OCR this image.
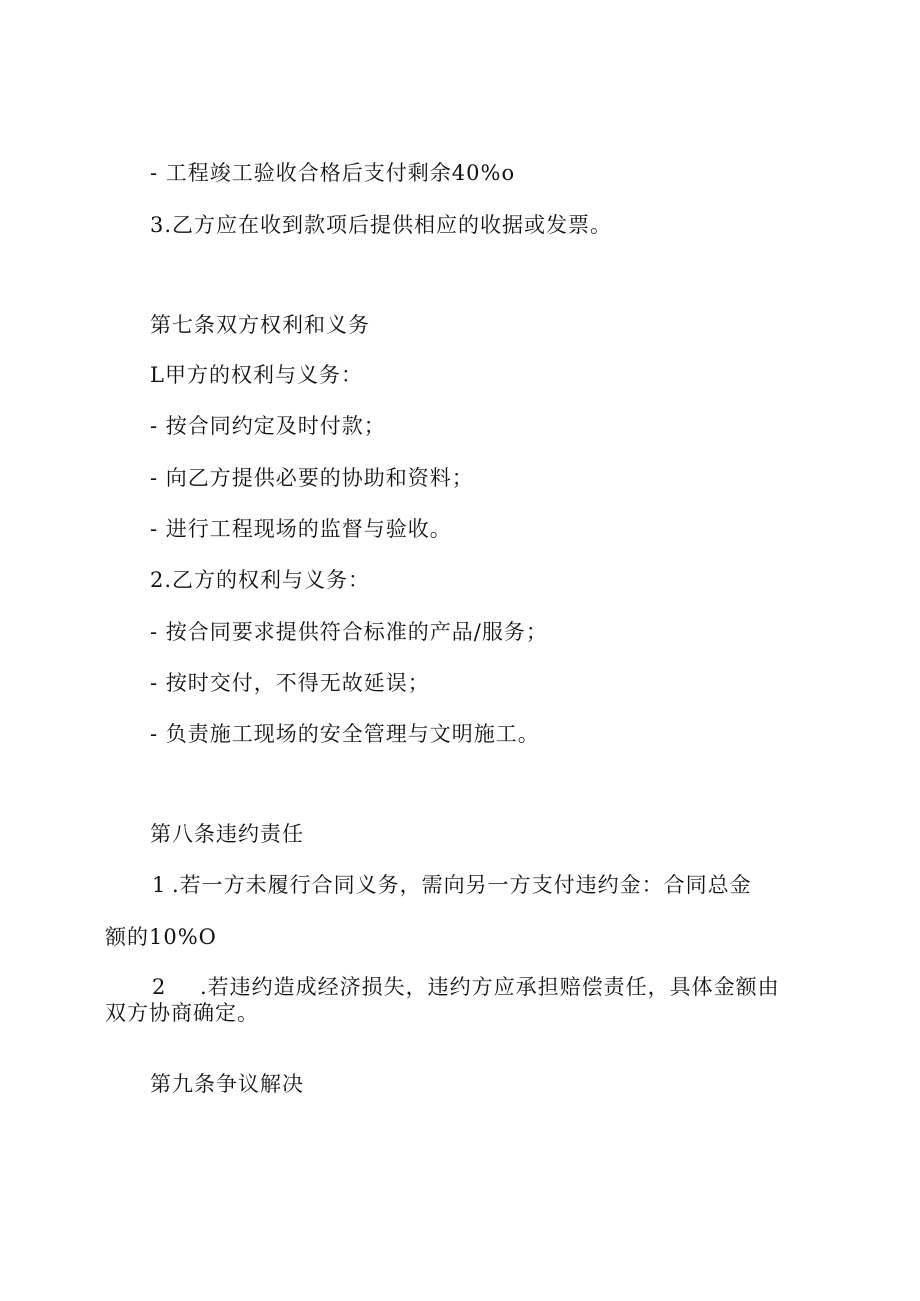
- 工程竣工验收合格后支付剩余40%o
3.乙方应在收到款项后提供相应的收据或发票。
第七条双方权利和义务
L甲方的权利与义务：
- 按合同约定及时付款；
- 向乙方提供必要的协助和资料；
- 进行工程现场的监督与验收。
2.乙方的权利与义务：
- 按合同要求提供符合标准的产品/服务；
- 按时交付，不得无故延误；
- 负责施工现场的安全管理与文明施工。
第八条违约责任
1 .若一方未履行合同义务，需向另一方支付违约金：合同总金
额的10%O
2 .若违约造成经济损失，违约方应承担赔偿责任，具体金额由
双方协商确定。
第九条争议解决
